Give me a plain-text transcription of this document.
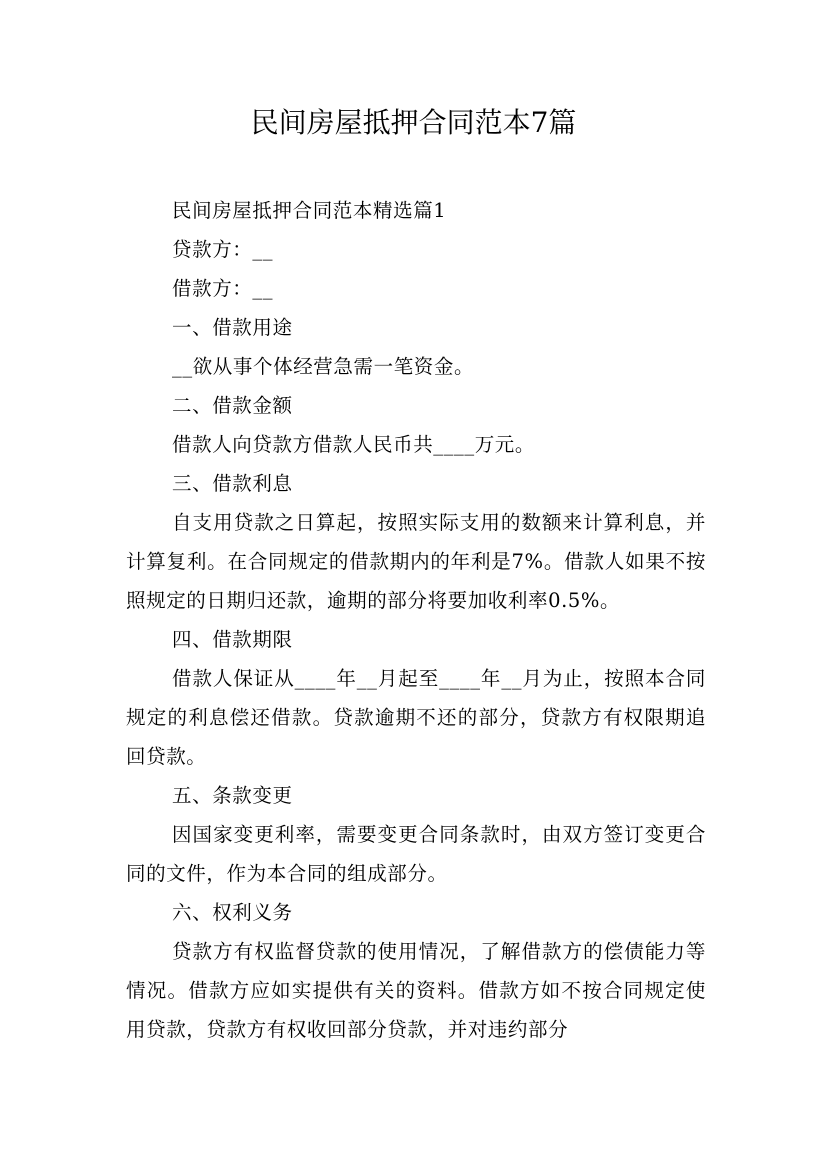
民间房屋抵押合同范本7篇

民间房屋抵押合同范本精选篇1

贷款方：__

借款方：__

一、借款用途

__欲从事个体经营急需一笔资金。

二、借款金额

借款人向贷款方借款人民币共____万元。

三、借款利息

自支用贷款之日算起，按照实际支用的数额来计算利息，并计算复利。在合同规定的借款期内的年利是7%。借款人如果不按照规定的日期归还款，逾期的部分将要加收利率0.5%。

四、借款期限

借款人保证从____年__月起至____年__月为止，按照本合同规定的利息偿还借款。贷款逾期不还的部分，贷款方有权限期追回贷款。

五、条款变更

因国家变更利率，需要变更合同条款时，由双方签订变更合同的文件，作为本合同的组成部分。

六、权利义务

贷款方有权监督贷款的使用情况，了解借款方的偿债能力等情况。借款方应如实提供有关的资料。借款方如不按合同规定使用贷款，贷款方有权收回部分贷款，并对违约部分
